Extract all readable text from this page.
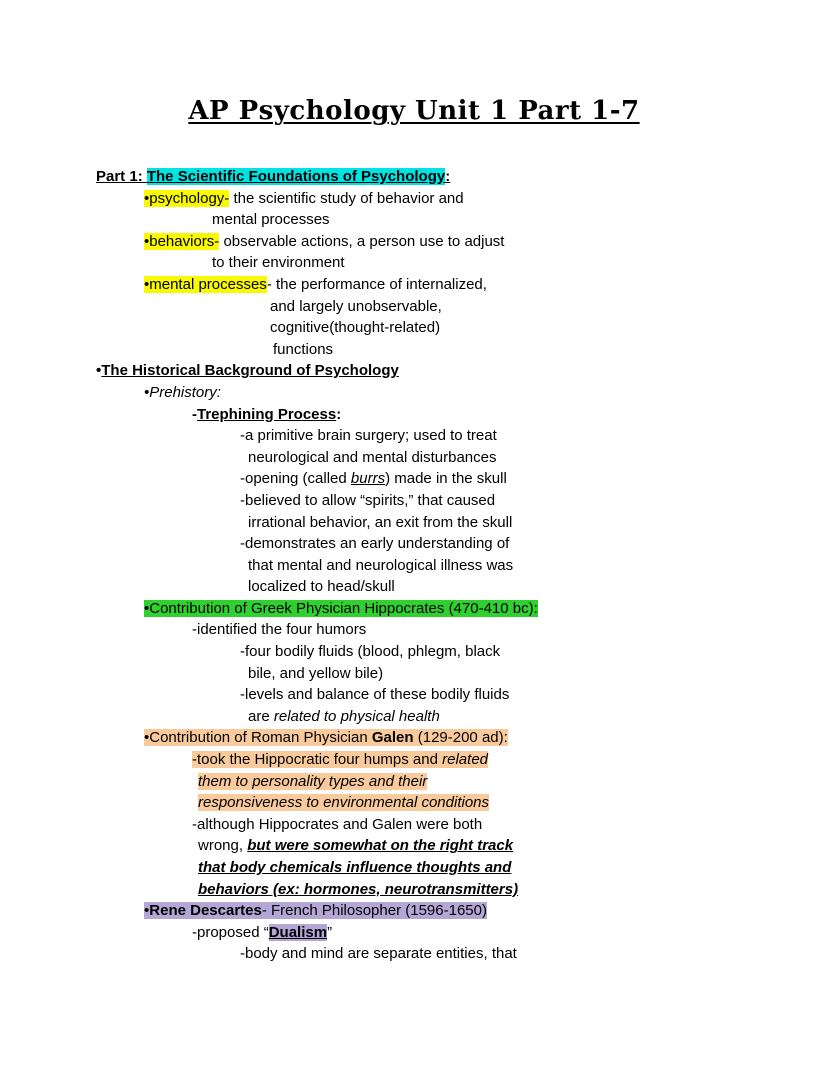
AP Psychology Unit 1 Part 1-7
Part 1: The Scientific Foundations of Psychology:
•psychology- the scientific study of behavior and
mental processes
•behaviors- observable actions, a person use to adjust
to their environment
•mental processes- the performance of internalized,
and largely unobservable,
cognitive(thought-related)
functions
•The Historical Background of Psychology
•Prehistory:
-Trephining Process:
-a primitive brain surgery; used to treat
neurological and mental disturbances
-opening (called burrs) made in the skull
-believed to allow “spirits,” that caused
irrational behavior, an exit from the skull
-demonstrates an early understanding of
that mental and neurological illness was
localized to head/skull
•Contribution of Greek Physician Hippocrates (470-410 bc):
-identified the four humors
-four bodily fluids (blood, phlegm, black
bile, and yellow bile)
-levels and balance of these bodily fluids
are related to physical health
•Contribution of Roman Physician Galen (129-200 ad):
-took the Hippocratic four humps and related
them to personality types and their
responsiveness to environmental conditions
-although Hippocrates and Galen were both
wrong, but were somewhat on the right track
that body chemicals influence thoughts and
behaviors (ex: hormones, neurotransmitters)
•Rene Descartes- French Philosopher (1596-1650)
-proposed “Dualism”
-body and mind are separate entities, that
